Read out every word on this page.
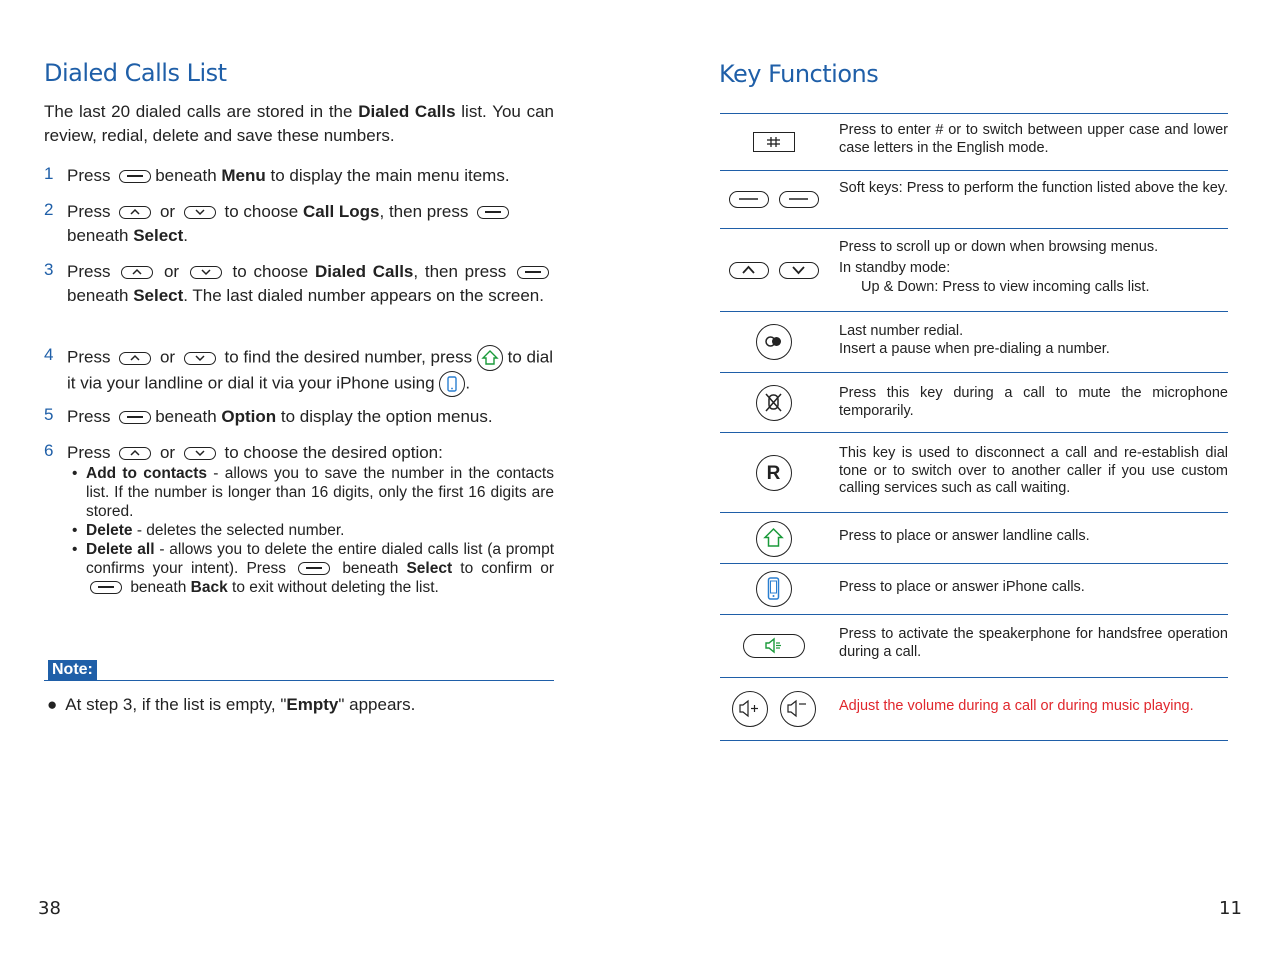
Dialed Calls List
The last 20 dialed calls are stored in the Dialed Calls list. You can review, redial, delete and save these numbers.
1 Press	beneath Menu to display the main menu items.
2 Press	or	to choose Call Logs, then press
beneath Select.
3 Press	or	to choose Dialed Calls, then press  beneath Select. The last dialed number appears on the screen.
4 Press	or	to find the desired number, press to dial it via your landline or dial it via your iPhone using .
5 Press	beneath Option to display the option menus.
6 Press	or	to choose the desired option:
• Add to contacts - allows you to save the number in the contacts list. If the number is longer than 16 digits, only the first 16 digits are stored.
• Delete - deletes the selected number.
• Delete all - allows you to delete the entire dialed calls list (a prompt confirms your intent). Press	beneath Select to confirm or  beneath Back to exit without deleting the list.
Note:
● At step 3, if the list is empty, "Empty" appears.
38
Key Functions
Press to enter # or to switch between upper case and lower case letters in the English mode.
Soft keys: Press to perform the function listed above the key.
Press to scroll up or down when browsing menus.
In standby mode:
Up & Down: Press to view incoming calls list.
Last number redial.
Insert a pause when pre-dialing a number.
Press this key during a call to mute the microphone temporarily.
R
This key is used to disconnect a call and re-establish dial tone or to switch over to another caller if you use custom calling services such as call waiting.
Press to place or answer landline calls.
Press to place or answer iPhone calls.
Press to activate the speakerphone for handsfree operation during a call.
Adjust the volume during a call or during music playing.
11
